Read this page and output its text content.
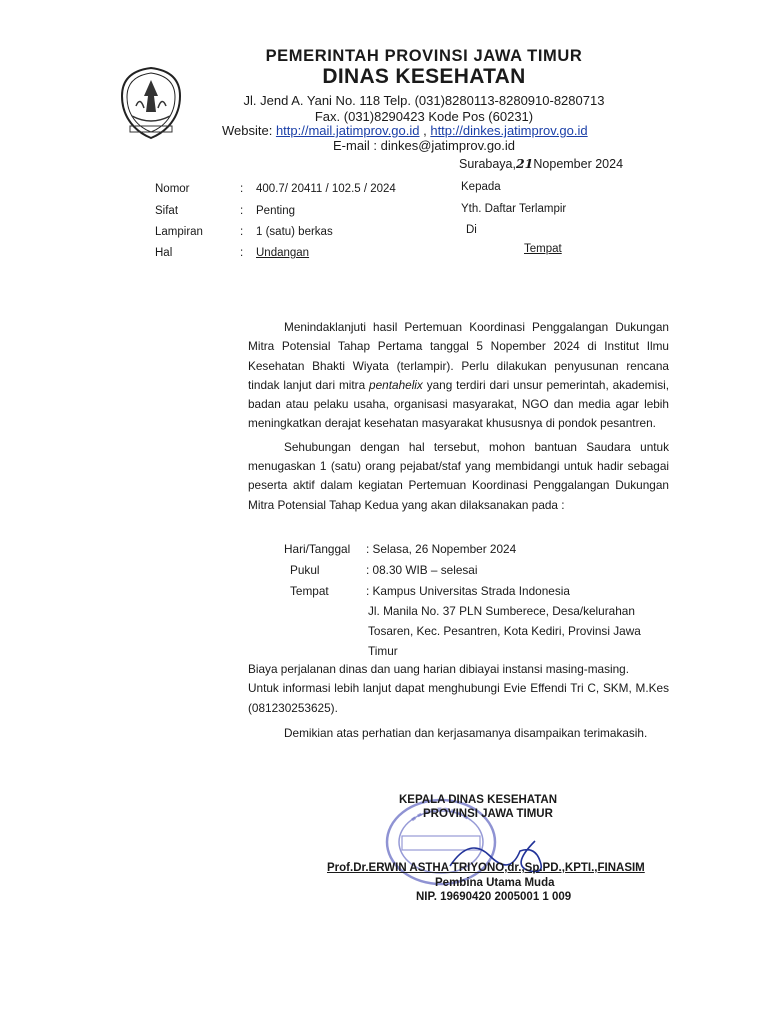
PEMERINTAH PROVINSI JAWA TIMUR
DINAS KESEHATAN
Jl. Jend A. Yani No. 118 Telp. (031)8280113-8280910-8280713
Fax. (031)8290423 Kode Pos (60231)
Website: http://mail.jatimprov.go.id , http://dinkes.jatimprov.go.id
E-mail : dinkes@jatimprov.go.id
Surabaya,21Nopember 2024
Nomor	: 400.7/ 20411 / 102.5 / 2024
Sifat	: Penting
Lampiran	: 1 (satu) berkas
Hal	: Undangan
Kepada
Yth. Daftar Terlampir
Di
Tempat

Menindaklanjuti hasil Pertemuan Koordinasi Penggalangan Dukungan Mitra Potensial Tahap Pertama tanggal 5 Nopember 2024 di Institut Ilmu Kesehatan Bhakti Wiyata (terlampir). Perlu dilakukan penyusunan rencana tindak lanjut dari mitra pentahelix yang terdiri dari unsur pemerintah, akademisi, badan atau pelaku usaha, organisasi masyarakat, NGO dan media agar lebih meningkatkan derajat kesehatan masyarakat khususnya di pondok pesantren.

Sehubungan dengan hal tersebut, mohon bantuan Saudara untuk menugaskan 1 (satu) orang pejabat/staf yang membidangi untuk hadir sebagai peserta aktif dalam kegiatan Pertemuan Koordinasi Penggalangan Dukungan Mitra Potensial Tahap Kedua yang akan dilaksanakan pada :

Hari/Tanggal : Selasa, 26 Nopember 2024
Pukul	: 08.30 WIB – selesai
Tempat	: Kampus Universitas Strada Indonesia
Jl. Manila No. 37 PLN Sumberece, Desa/kelurahan
Tosaren, Kec. Pesantren, Kota Kediri, Provinsi Jawa
Timur

Biaya perjalanan dinas dan uang harian dibiayai instansi masing-masing.

Untuk informasi lebih lanjut dapat menghubungi Evie Effendi Tri C, SKM, M.Kes (081230253625).

Demikian atas perhatian dan kerjasamanya disampaikan terimakasih.

KEPALA DINAS KESEHATAN
PROVINSI JAWA TIMUR
Prof.Dr.ERWIN ASTHA TRIYONO,dr.,Sp.PD.,KPTI.,FINASIM
Pembina Utama Muda
NIP. 19690420 2005001 1 009
